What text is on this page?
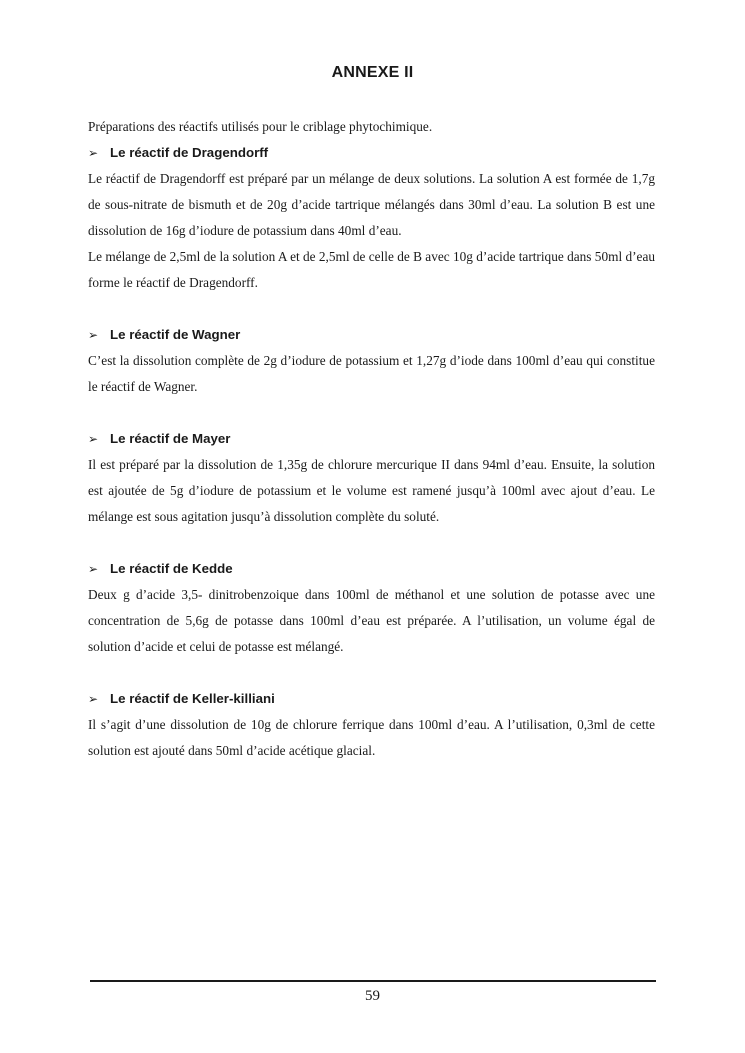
ANNEXE II

Préparations des réactifs utilisés pour le criblage phytochimique.

➢ Le réactif de Dragendorff

Le réactif de Dragendorff est préparé par un mélange de deux solutions. La solution A est formée de 1,7g de sous-nitrate de bismuth et de 20g d’acide tartrique mélangés dans 30ml d’eau. La solution B est une dissolution de 16g d’iodure de potassium dans 40ml d’eau.

Le mélange de 2,5ml de la solution A et de 2,5ml de celle de B avec 10g d’acide tartrique dans 50ml d’eau forme le réactif de Dragendorff.

➢ Le réactif de Wagner

C’est la dissolution complète de 2g d’iodure de potassium et 1,27g d’iode dans 100ml d’eau qui constitue le réactif de Wagner.

➢ Le réactif de Mayer

Il est préparé par la dissolution de 1,35g de chlorure mercurique II dans 94ml d’eau. Ensuite, la solution est ajoutée de 5g d’iodure de potassium et le volume est ramené jusqu’à 100ml avec ajout d’eau. Le mélange est sous agitation jusqu’à dissolution complète du soluté.

➢ Le réactif de Kedde

Deux g d’acide 3,5- dinitrobenzoique dans 100ml de méthanol et une solution de potasse avec une concentration de 5,6g de potasse dans 100ml d’eau est préparée. A l’utilisation, un volume égal de solution d’acide et celui de potasse est mélangé.

➢ Le réactif de Keller-killiani

Il s’agit d’une dissolution de 10g de chlorure ferrique dans 100ml d’eau. A l’utilisation, 0,3ml de cette solution est ajouté dans 50ml d’acide acétique glacial.

59
